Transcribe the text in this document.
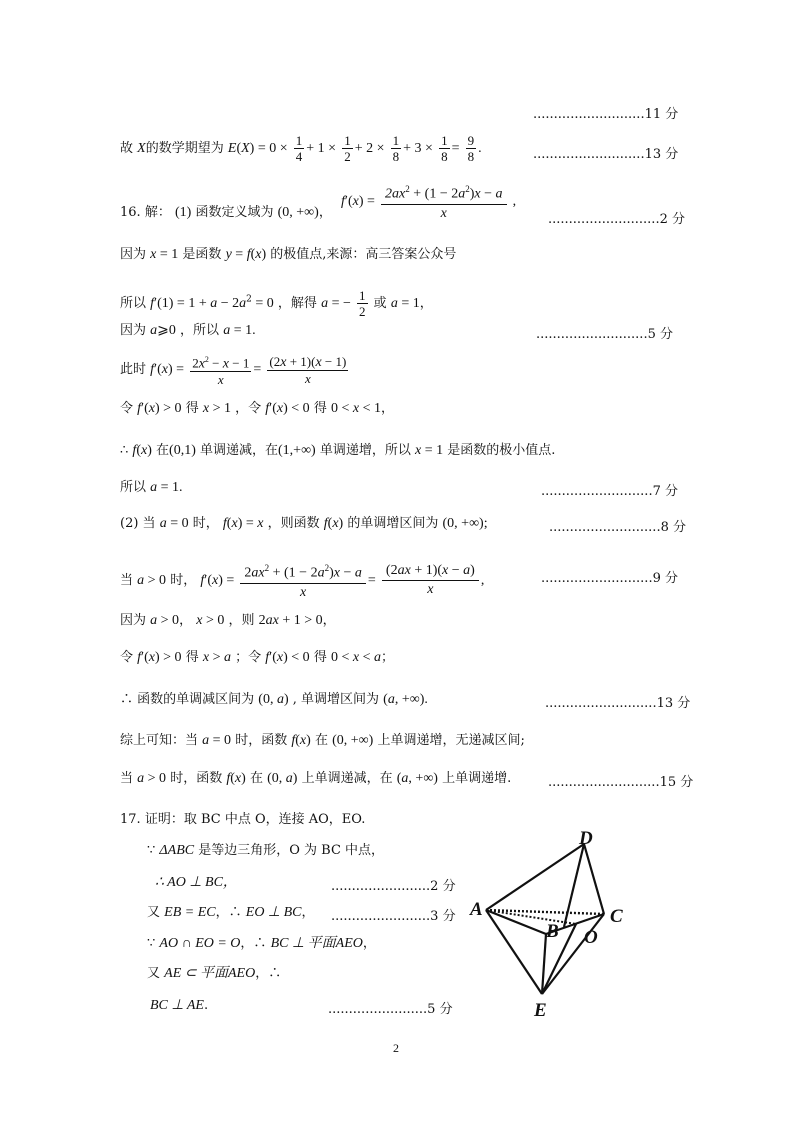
...........................11 分
故 X的数学期望为 $E(X) = 0 \times \frac{1}{4} + 1 \times \frac{1}{2} + 2 \times \frac{1}{8} + 3 \times \frac{1}{8} = \frac{9}{8}$ .	...........................13 分
16. 解： (1) 函数定义域为 (0, +∞)，
$f'(x) = \frac{2ax^2 + (1 - 2a^2)x - a}{x}$ ,
...........................2 分
因为 x = 1 是函数 y = f(x) 的极值点,来源：高三答案公众号
所以 $f'(1) = 1 + a - 2a^2 = 0$ ，解得 a = − $\frac{1}{2}$ 或 a = 1，
因为 a⩾0 ，所以 a = 1.	...........................5 分
此时 $f'(x) = \frac{2x^2 - x - 1}{x} = \frac{(2x + 1)(x - 1)}{x}$
令 f′(x) > 0 得 x > 1 ，令 f′(x) < 0 得 0 < x < 1，
∴ f(x) 在(0,1) 单调递减，在(1,+∞) 单调递增，所以 x = 1 是函数的极小值点.
所以 a = 1.	...........................7 分
(2) 当 a = 0 时， f(x) = x ，则函数 f(x) 的单调增区间为 (0, +∞);	...........................8 分
当 a > 0 时， $f'(x) = \frac{2ax^2 + (1 - 2a^2)x - a}{x} = \frac{(2ax + 1)(x - a)}{x}$ ,	...........................9 分
因为 a > 0， x > 0 ，则 2ax + 1 > 0，
令 f′(x) > 0 得 x > a ；令 f′(x) < 0 得 0 < x < a；
∴ 函数的单调减区间为 (0, a) , 单调增区间为 (a, +∞).	...........................13 分
综上可知：当 a = 0 时，函数 f(x) 在 (0, +∞) 上单调递增，无递减区间;
当 a > 0 时，函数 f(x) 在 (0, a) 上单调递减，在 (a, +∞) 上单调递增.	...........................15 分
17. 证明：取 BC 中点 O，连接 AO，EO.
∵ ΔABC 是等边三角形，O 为 BC 中点，
∴ AO ⊥ BC，	........................2 分
又 EB = EC，∴ EO ⊥ BC， ........................3 分
∵ AO ∩ EO = O，∴ BC ⊥ 平面AEO，
又 AE ⊂ 平面AEO，∴
BC ⊥ AE.	........................5 分
D
A	C
B O
E
2
